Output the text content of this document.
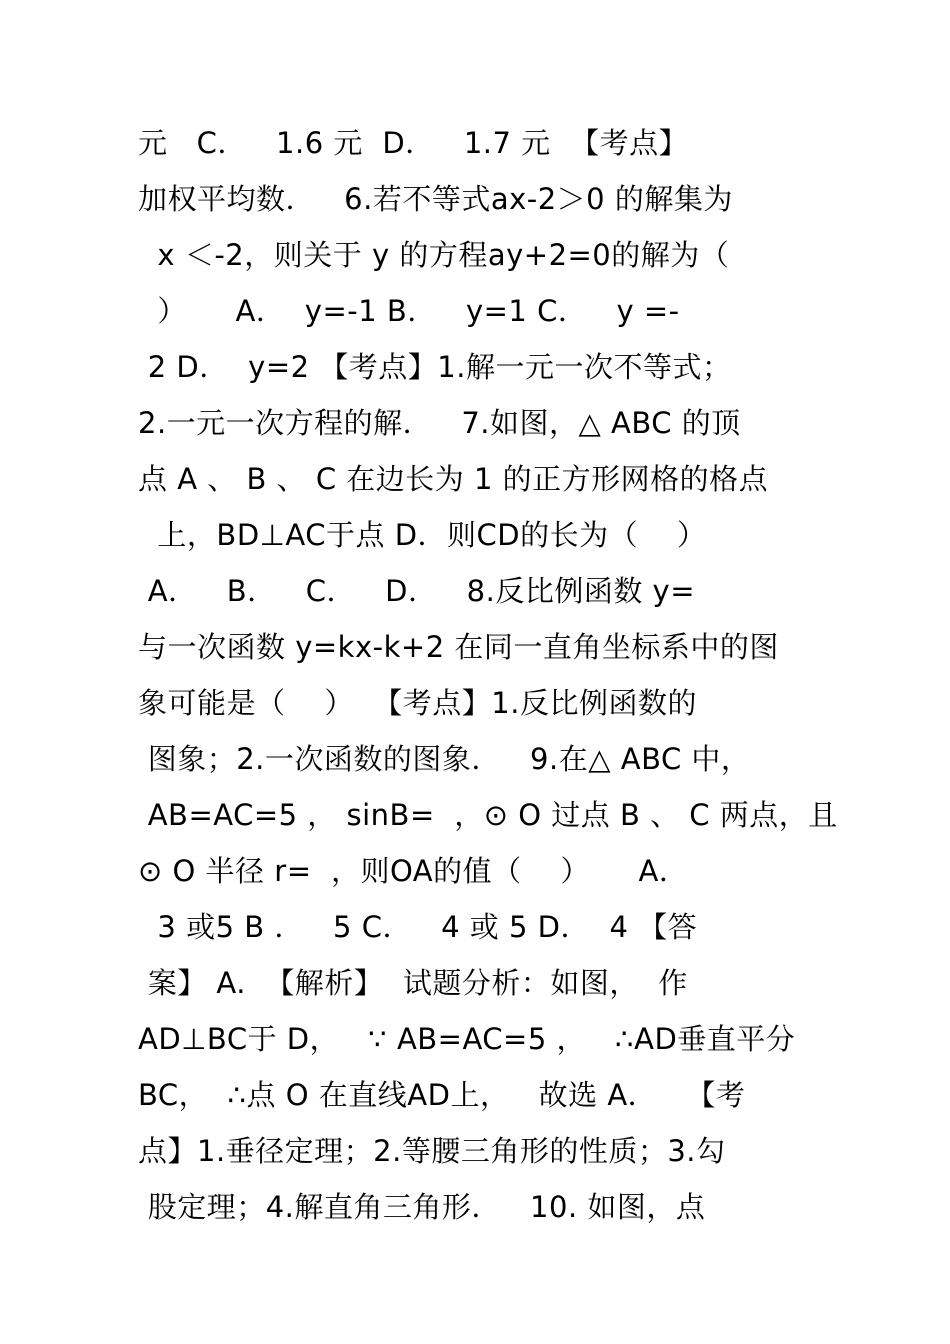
元   C．   1.6 元  D．   1.7 元  【考点】
加权平均数．   6.若不等式ax-2＞0 的解集为
x ＜-2，则关于 y 的方程ay+2=0的解为（
）     A．  y=-1 B．   y=1 C．   y =-
2 D．  y=2 【考点】1.解一元一次不等式；
2.一元一次方程的解．   7.如图，△ ABC 的顶
点 A 、 B 、 C 在边长为 1 的正方形网格的格点
上，BD⊥AC于点 D．则CD的长为（    ）
A．   B．   C．   D．   8.反比例函数 y=
与一次函数 y=kx-k+2 在同一直角坐标系中的图
象可能是（    ）  【考点】1.反比例函数的
图象；2.一次函数的图象．   9.在△ ABC 中，
AB=AC=5 ， sinB=  ，⊙ O 过点 B 、 C 两点，且
⊙ O 半径 r=  ，则OA的值（    ）     A．
3 或5 B ．   5 C．   4 或 5 D．  4 【答
案】 A.  【解析】  试题分析：如图，  作
AD⊥BC于 D，   ∵ AB=AC=5 ，   ∴AD垂直平分
BC，  ∴点 O 在直线AD上，   故选 A．   【考
点】1.垂径定理；2.等腰三角形的性质；3.勾
股定理；4.解直角三角形．   10. 如图，点
